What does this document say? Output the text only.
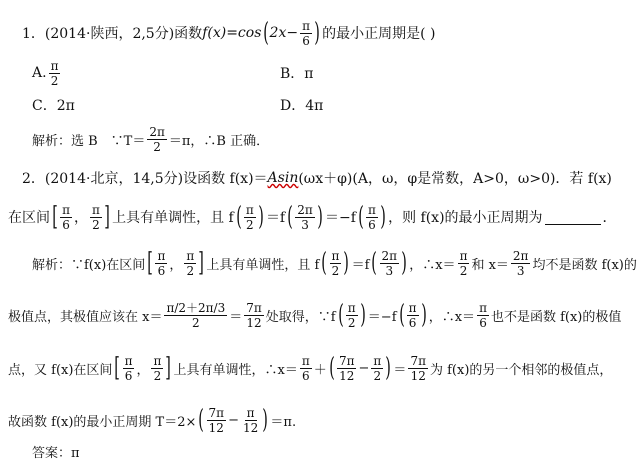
1．(2014·陕西，2,5分)函数 f(x)=cos ( $2x- \frac{\pi}{6}$ ) 的最小正周期是( )
A. $\frac{\pi}{2}$	B．π
C．2π	D．4π
解析：选 B　∵T＝ $\frac{2\pi}{2} =\pi$，∴B 正确．
2．(2014·北京，14,5分)设函数 f(x)＝ Asin (ωx＋φ)(A，ω，φ是常数，A>0，ω>0)．若 f(x)
在区间 [ $\frac{\pi}{6}$ ， $\frac{\pi}{2}$ ] 上具有单调性，且 f ( $\frac{\pi}{2}$ ) ＝f ( $\frac{2\pi}{3}$ ) ＝−f ( $\frac{\pi}{6}$ ) ，则 f(x)的最小正周期为	．
解析：∵f(x)在区间 [ $\frac{\pi}{6}$ ， $\frac{\pi}{2}$ ] 上具有单调性，且 f ( $\frac{\pi}{2}$ ) ＝f ( $\frac{2\pi}{3}$ ) ，∴x＝ $\frac{\pi}{2}$ 和 $x= \frac{2\pi}{3}$ 均不是函数 f(x)的
极值点，其极值应该在 $x= \frac{\pi/2+2\pi/3}{2} = \frac{7\pi}{12}$ 处取得，∵f ( $\frac{\pi}{2}$ ) ＝−f ( $\frac{\pi}{6}$ ) ，∴x＝ $\frac{\pi}{6}$ 也不是函数 f(x)的极值
点，又 f(x)在区间 [ $\frac{\pi}{6}$ ， $\frac{\pi}{2}$ ] 上具有单调性，∴x＝ $\frac{\pi}{6}$ ＋ ( $\frac{7\pi}{12} - \frac{\pi}{2}$ ) ＝ $\frac{7\pi}{12}$ 为 f(x)的另一个相邻的极值点，
故函数 f(x)的最小正周期 T＝2× ( $\frac{7\pi}{12} - \frac{\pi}{12}$ ) ＝π.
答案：π
